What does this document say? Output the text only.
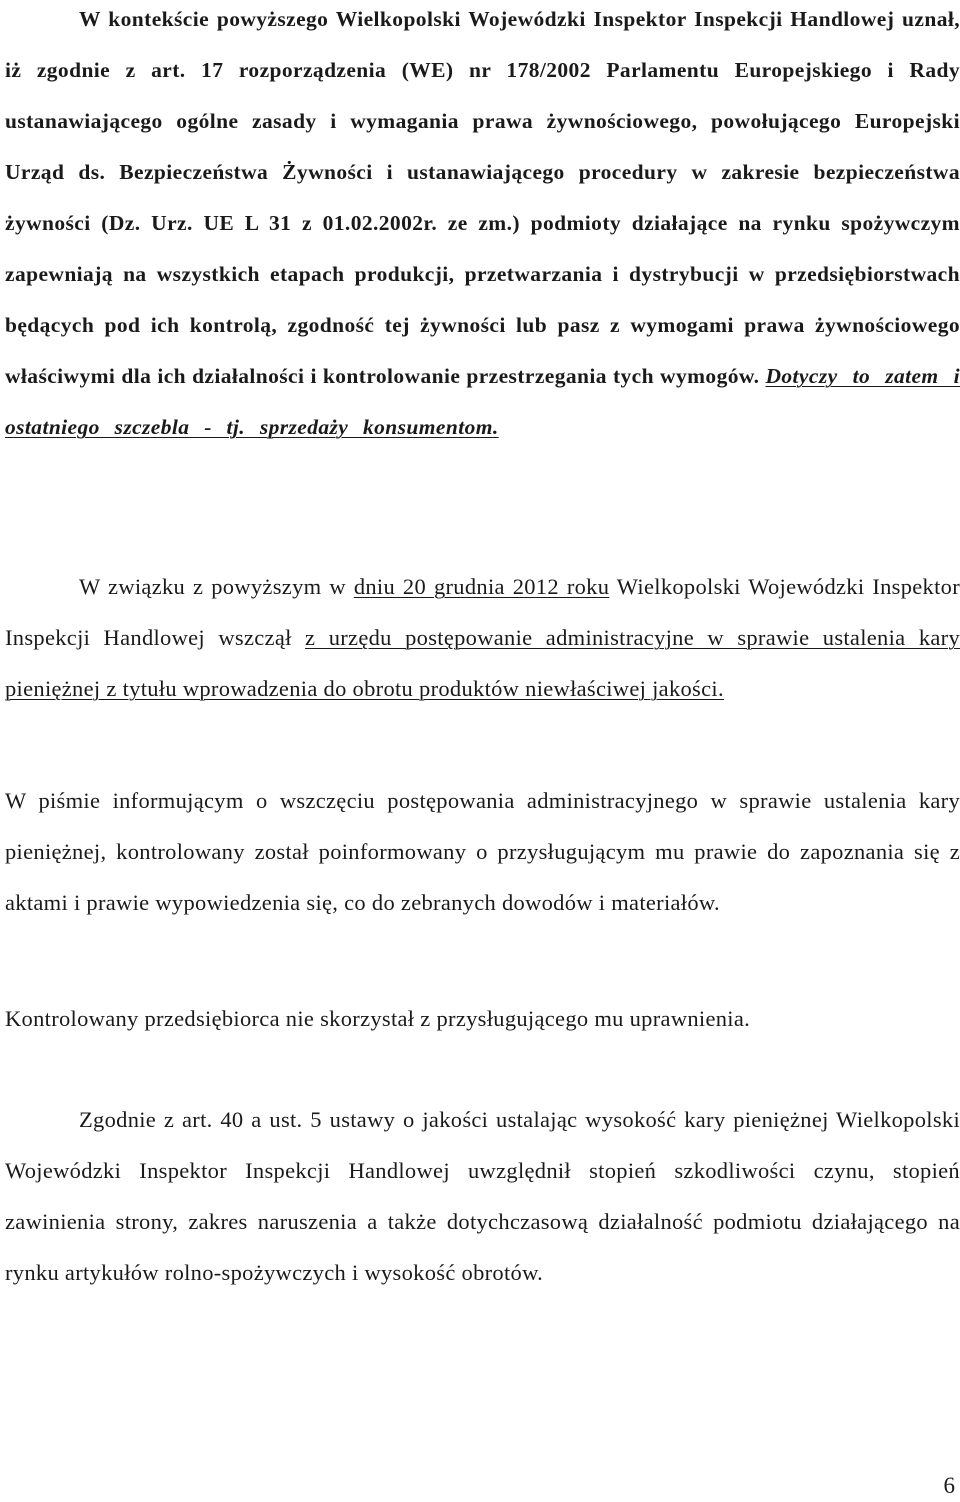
W kontekście powyższego Wielkopolski Wojewódzki Inspektor Inspekcji Handlowej uznał, iż zgodnie z art. 17 rozporządzenia (WE) nr 178/2002 Parlamentu Europejskiego i Rady ustanawiającego ogólne zasady i wymagania prawa żywnościowego, powołującego Europejski Urząd ds. Bezpieczeństwa Żywności i ustanawiającego procedury w zakresie bezpieczeństwa żywności (Dz. Urz. UE L 31 z 01.02.2002r. ze zm.) podmioty działające na rynku spożywczym zapewniają na wszystkich etapach produkcji, przetwarzania i dystrybucji w przedsiębiorstwach będących pod ich kontrolą, zgodność tej żywności lub pasz z wymogami prawa żywnościowego właściwymi dla ich działalności i kontrolowanie przestrzegania tych wymogów. Dotyczy to zatem i ostatniego szczebla - tj. sprzedaży konsumentom.

W związku z powyższym w dniu 20 grudnia 2012 roku Wielkopolski Wojewódzki Inspektor Inspekcji Handlowej wszczął z urzędu postępowanie administracyjne w sprawie ustalenia kary pieniężnej z tytułu wprowadzenia do obrotu produktów niewłaściwej jakości.

W piśmie informującym o wszczęciu postępowania administracyjnego w sprawie ustalenia kary pieniężnej, kontrolowany został poinformowany o przysługującym mu prawie do zapoznania się z aktami i prawie wypowiedzenia się, co do zebranych dowodów i materiałów.

Kontrolowany przedsiębiorca nie skorzystał z przysługującego mu uprawnienia.

Zgodnie z art. 40 a ust. 5 ustawy o jakości ustalając wysokość kary pieniężnej Wielkopolski Wojewódzki Inspektor Inspekcji Handlowej uwzględnił stopień szkodliwości czynu, stopień zawinienia strony, zakres naruszenia a także dotychczasową działalność podmiotu działającego na rynku artykułów rolno-spożywczych i wysokość obrotów.

6
